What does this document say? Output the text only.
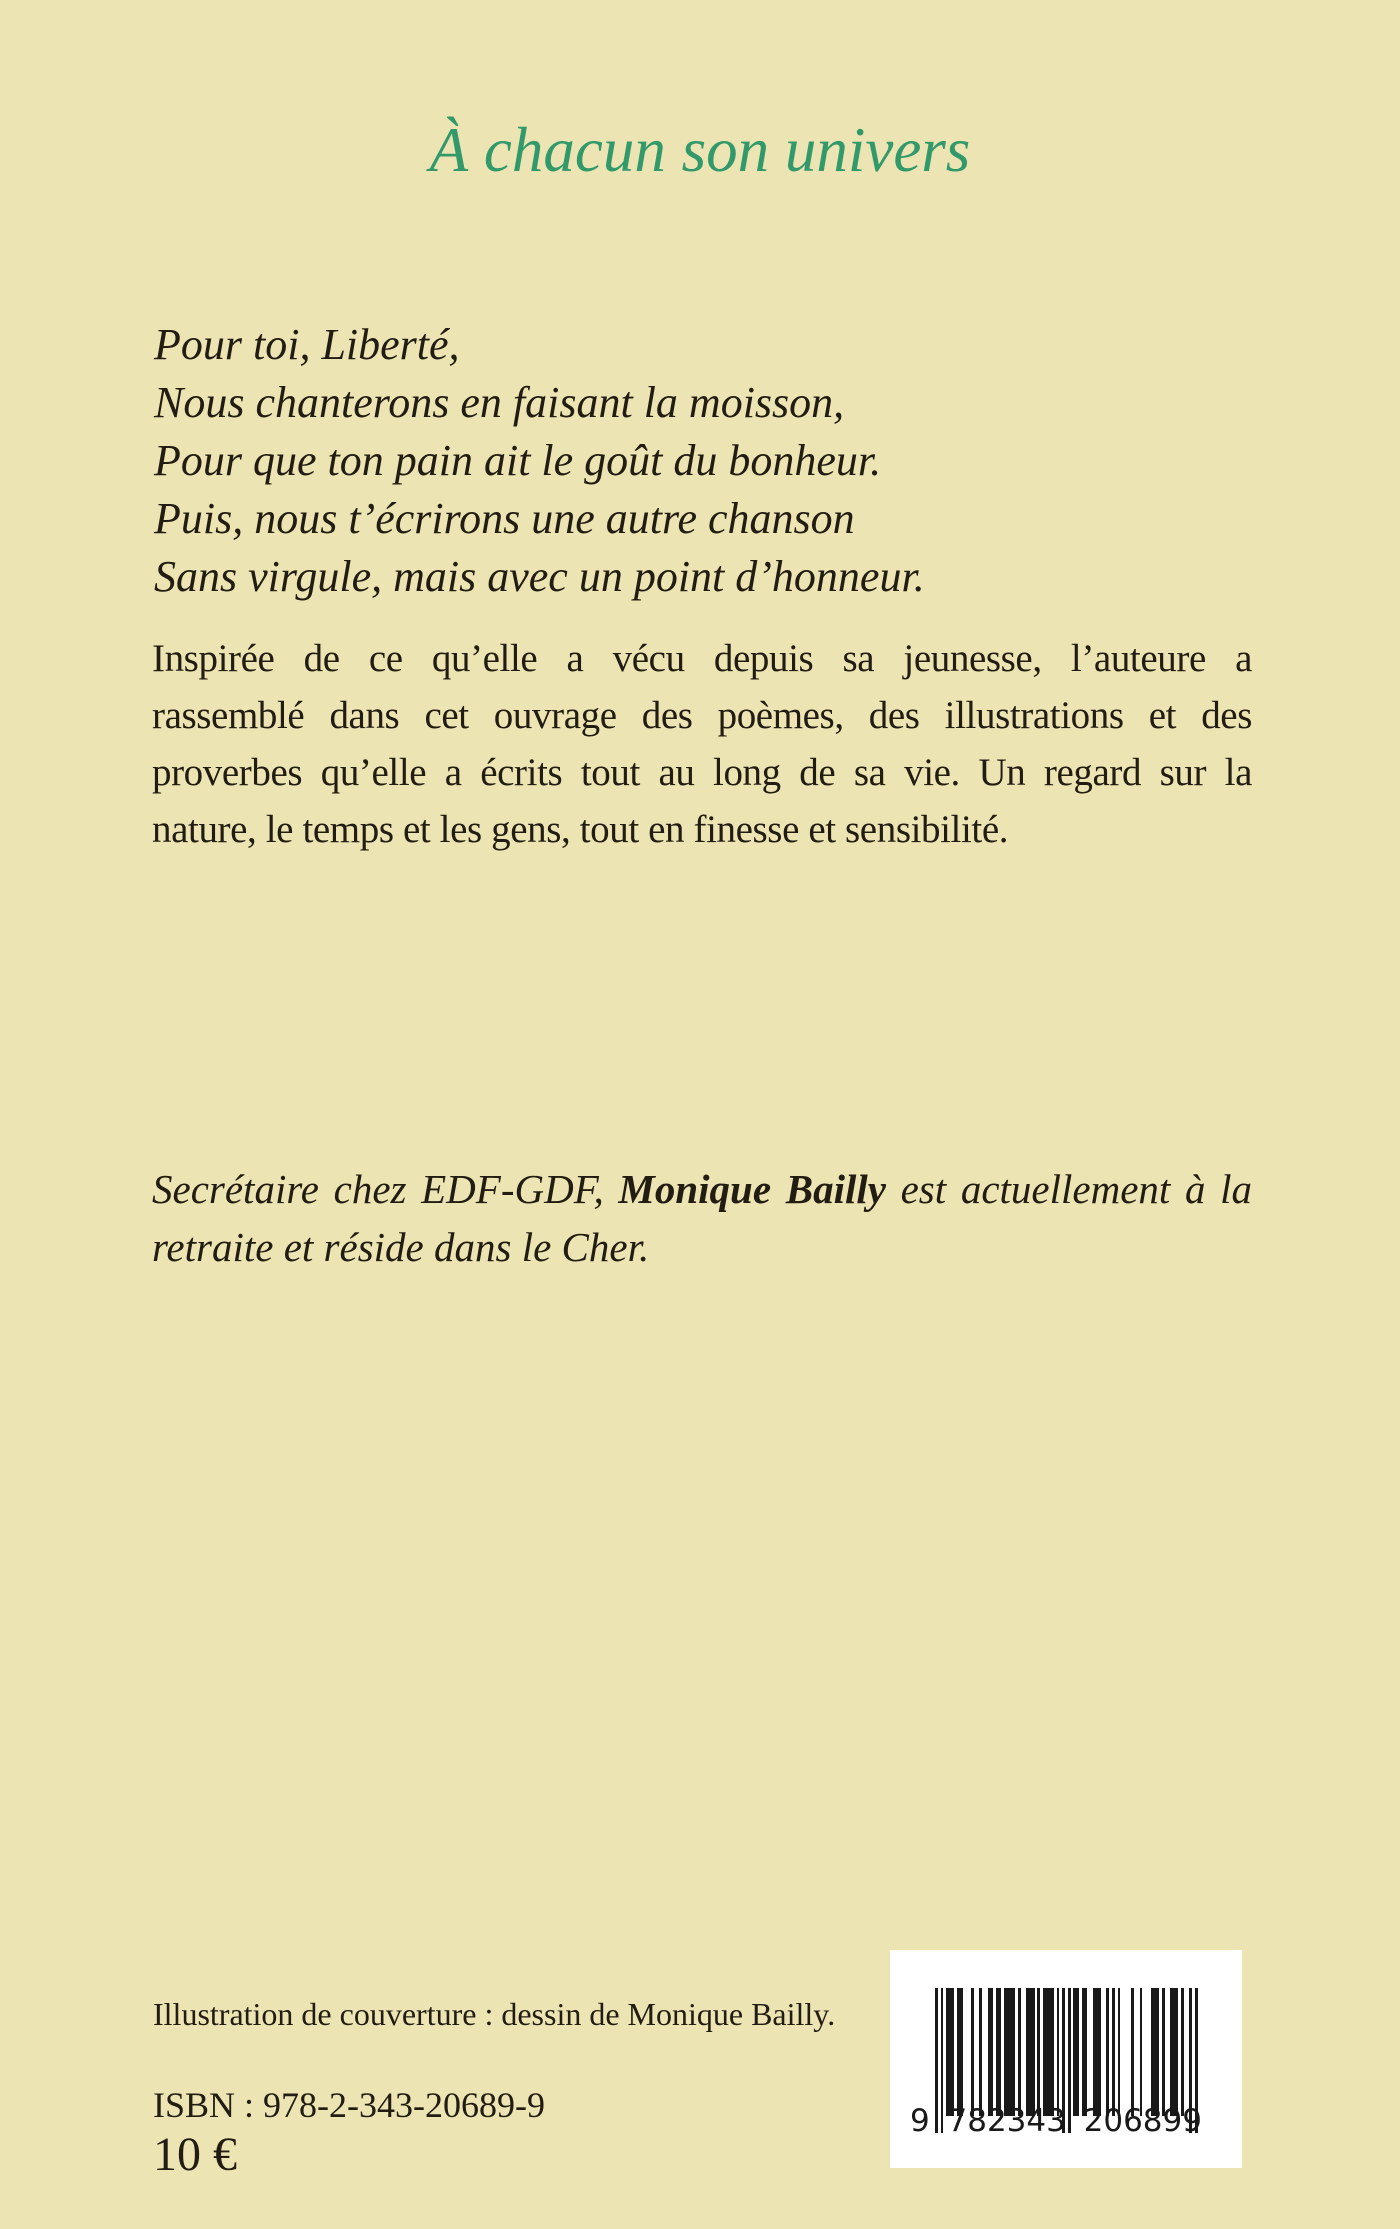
À chacun son univers
Pour toi, Liberté,
Nous chanterons en faisant la moisson,
Pour que ton pain ait le goût du bonheur.
Puis, nous t’écrirons une autre chanson
Sans virgule, mais avec un point d’honneur.
Inspirée de ce qu’elle a vécu depuis sa jeunesse, l’auteure a
rassemblé dans cet ouvrage des poèmes, des illustrations et des
proverbes qu’elle a écrits tout au long de sa vie. Un regard sur la
nature, le temps et les gens, tout en finesse et sensibilité.
Secrétaire chez EDF-GDF, Monique Bailly est actuellement à la
retraite et réside dans le Cher.
Illustration de couverture : dessin de Monique Bailly.
ISBN : 978-2-343-20689-9
10 €
9 782343 206899
